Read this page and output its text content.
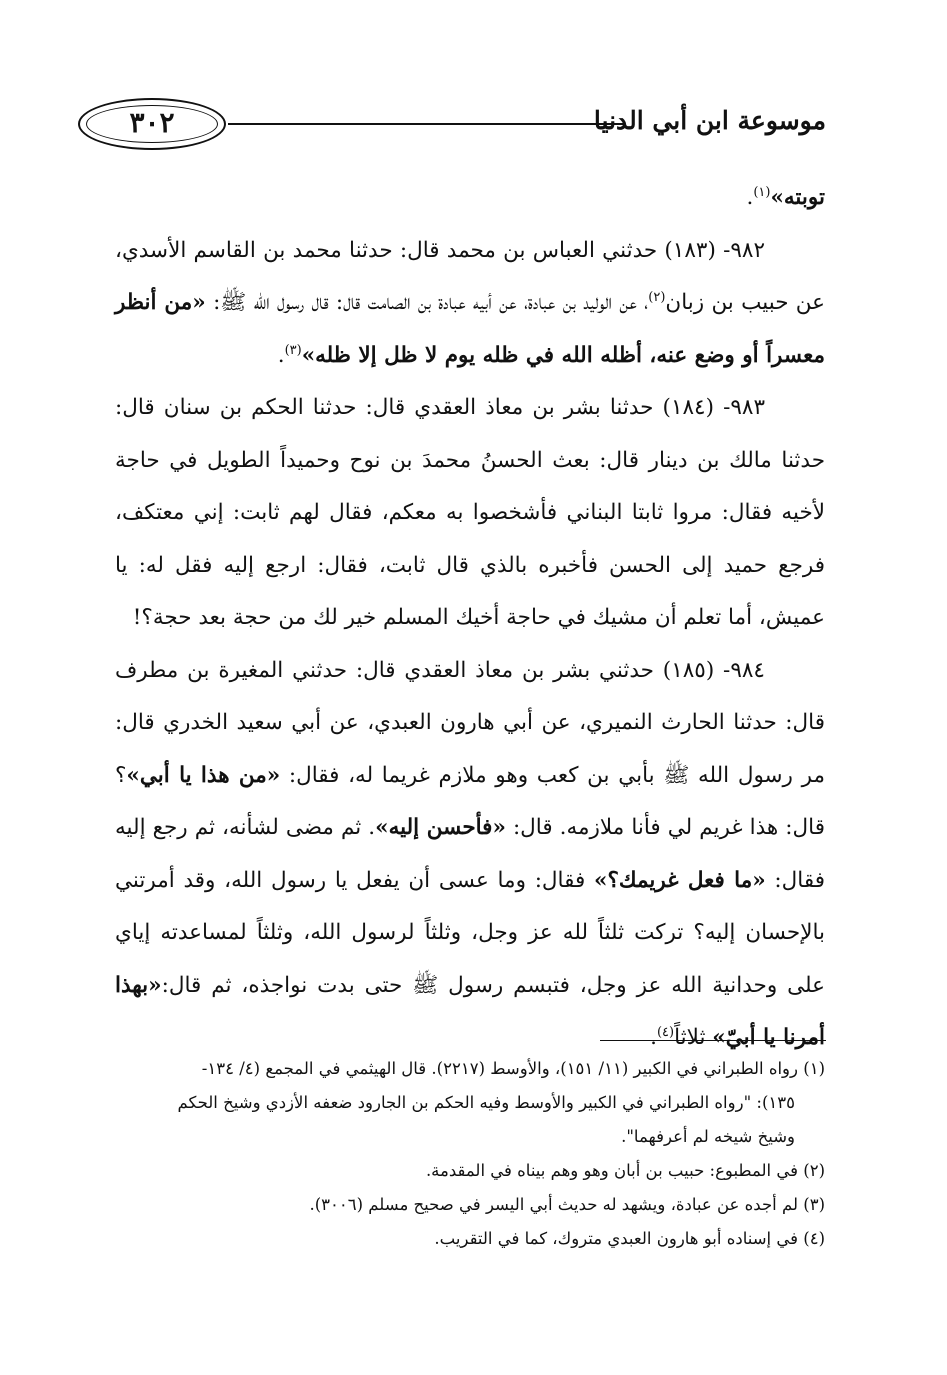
٣٠٢	موسوعة ابن أبي الدنيا

توبته»$^{(١)}$.

٩٨٢- (١٨٣) حدثني العباس بن محمد قال: حدثنا محمد بن القاسم الأسدي، عن حبيب بن زبان$^{(٢)}$، عن الوليد بن عبادة، عن أبيه عبادة بن الصامت قال: قال رسول الله ﷺ: «من أنظر معسراً أو وضع عنه، أظله الله في ظله يوم لا ظل إلا ظله»$^{(٣)}$.

٩٨٣- (١٨٤) حدثنا بشر بن معاذ العقدي قال: حدثنا الحكم بن سنان قال: حدثنا مالك بن دينار قال: بعث الحسنُ محمدَ بن نوح وحميداً الطويل في حاجة لأخيه فقال: مروا ثابتا البناني فأشخصوا به معكم، فقال لهم ثابت: إني معتكف، فرجع حميد إلى الحسن فأخبره بالذي قال ثابت، فقال: ارجع إليه فقل له: يا عميش، أما تعلم أن مشيك في حاجة أخيك المسلم خير لك من حجة بعد حجة؟!

٩٨٤- (١٨٥) حدثني بشر بن معاذ العقدي قال: حدثني المغيرة بن مطرف قال: حدثنا الحارث النميري، عن أبي هارون العبدي، عن أبي سعيد الخدري قال: مر رسول الله ﷺ بأبي بن كعب وهو ملازم غريما له، فقال: «من هذا يا أبي»؟ قال: هذا غريم لي فأنا ملازمه. قال: «فأحسن إليه». ثم مضى لشأنه، ثم رجع إليه فقال: «ما فعل غريمك؟» فقال: وما عسى أن يفعل يا رسول الله، وقد أمرتني بالإحسان إليه؟ تركت ثلثاً لله عز وجل، وثلثاً لرسول الله، وثلثاً لمساعدته إياي على وحدانية الله عز وجل، فتبسم رسول ﷺ حتى بدت نواجذه، ثم قال:«بهذا أمرنا يا أبيّ» ثلاثاً$^{(٤)}$.

(١) رواه الطبراني في الكبير (١١/ ١٥١)، والأوسط (٢٢١٧). قال الهيثمي في المجمع (٤/ ١٣٤-

١٣٥): "رواه الطبراني في الكبير والأوسط وفيه الحكم بن الجارود ضعفه الأزدي وشيخ الحكم

وشيخ شيخه لم أعرفهما".

(٢) في المطبوع: حبيب بن أبان وهو وهم بيناه في المقدمة.

(٣) لم أجده عن عبادة، ويشهد له حديث أبي اليسر في صحيح مسلم (٣٠٠٦).

(٤) في إسناده أبو هارون العبدي متروك، كما في التقريب.
